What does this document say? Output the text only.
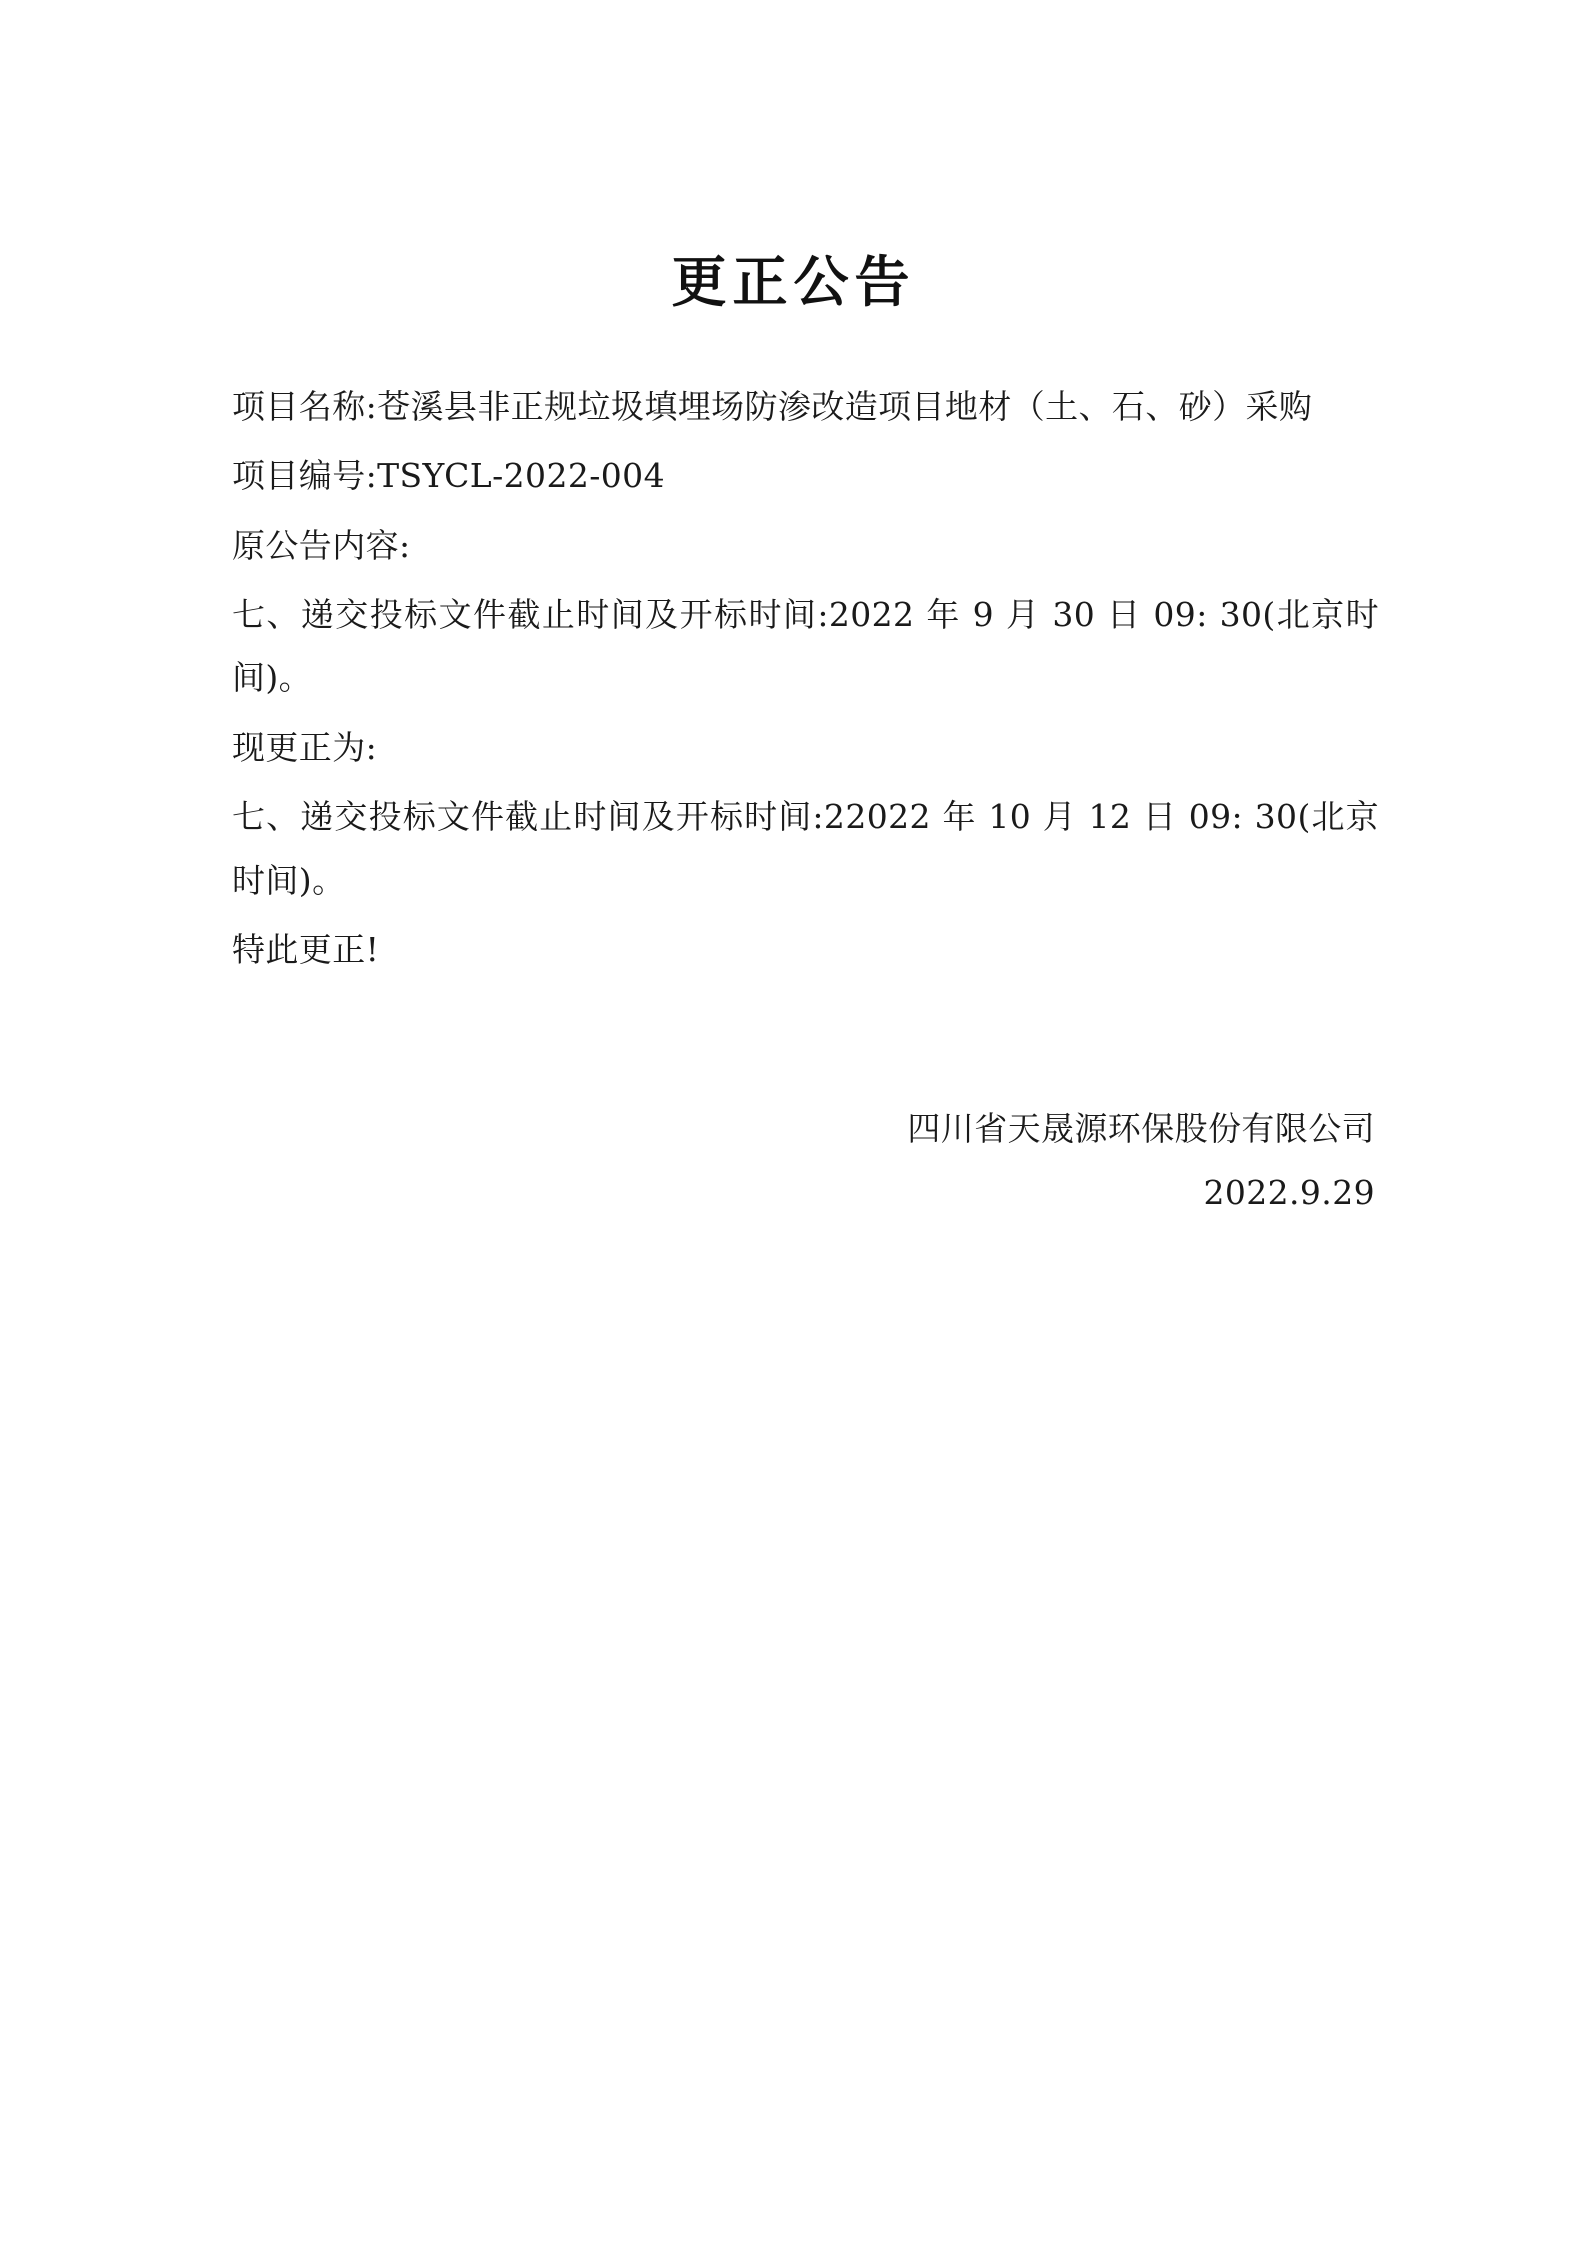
更正公告

项目名称:苍溪县非正规垃圾填埋场防渗改造项目地材（土、石、砂）采购

项目编号:TSYCL-2022-004

原公告内容:

七、递交投标文件截止时间及开标时间:2022 年 9 月 30 日 09: 30(北京时间)。

现更正为:

七、递交投标文件截止时间及开标时间:22022 年 10 月 12 日 09: 30(北京时间)。

特此更正!

四川省天晟源环保股份有限公司

2022.9.29
